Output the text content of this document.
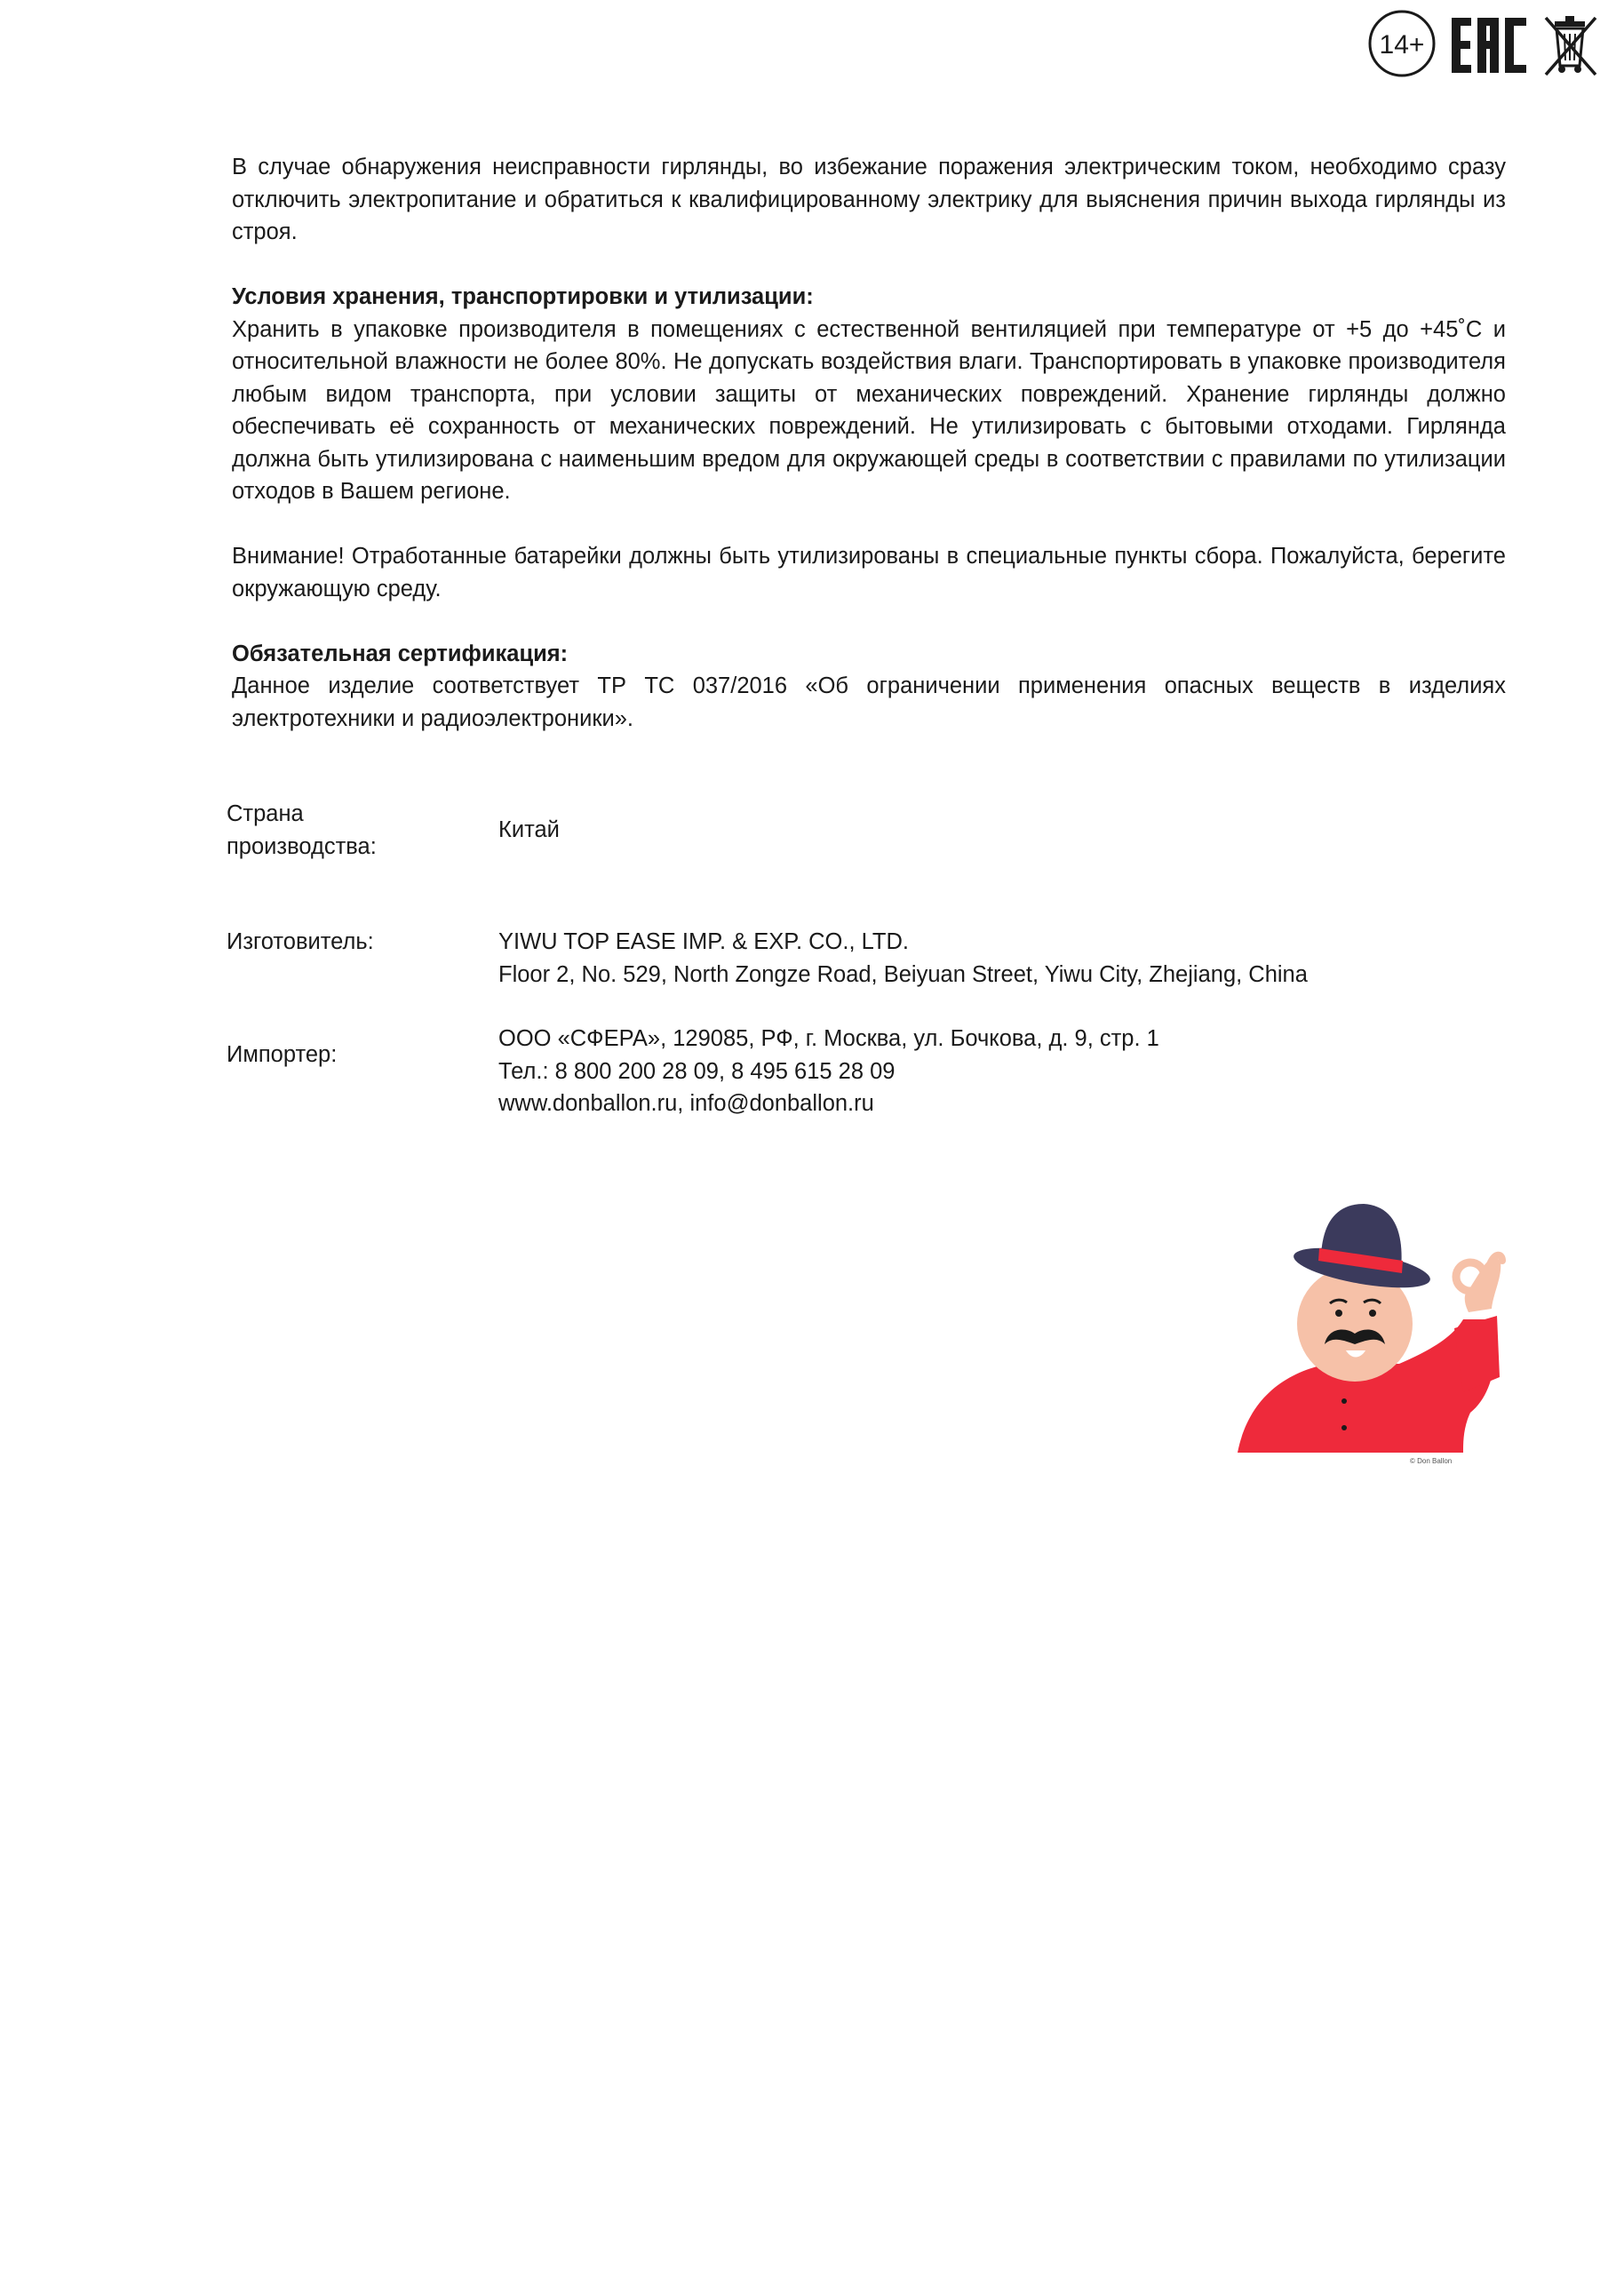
14+

В случае обнаружения неисправности гирлянды, во избежание поражения электрическим током, необходимо сразу отключить электропитание и обратиться к квалифицированному электрику для выяснения причин выхода гирлянды из строя.

Условия хранения, транспортировки и утилизации:

Хранить в упаковке производителя в помещениях с естественной вентиляцией при температуре от +5 до +45˚C и относительной влажности не более 80%. Не допускать воздействия влаги. Транспортировать в упаковке производителя любым видом транспорта, при условии защиты от механических повреждений. Хранение гирлянды должно обеспечивать её сохранность от механических повреждений. Не утилизировать с бытовыми отходами. Гирлянда должна быть утилизирована с наименьшим вредом для окружающей среды в соответствии с правилами по утилизации отходов в Вашем регионе.

Внимание! Отработанные батарейки должны быть утилизированы в специальные пункты сбора. Пожалуйста, берегите окружающую среду.

Обязательная сертификация:

Данное изделие соответствует ТР ТС 037/2016 «Об ограничении применения опасных веществ в изделиях электротехники и радиоэлектроники».

Страна
производства:
Китай
Изготовитель:	YIWU TOP EASE IMP. & EXP. CO., LTD.
Floor 2, No. 529, North Zongze Road, Beiyuan Street, Yiwu City, Zhejiang, China
Импортер:
ООО «СФЕРА», 129085, РФ, г. Москва, ул. Бочкова, д. 9, стр. 1
Тел.: 8 800 200 28 09, 8 495 615 28 09
www.donballon.ru, info@donballon.ru
© Don Ballon
